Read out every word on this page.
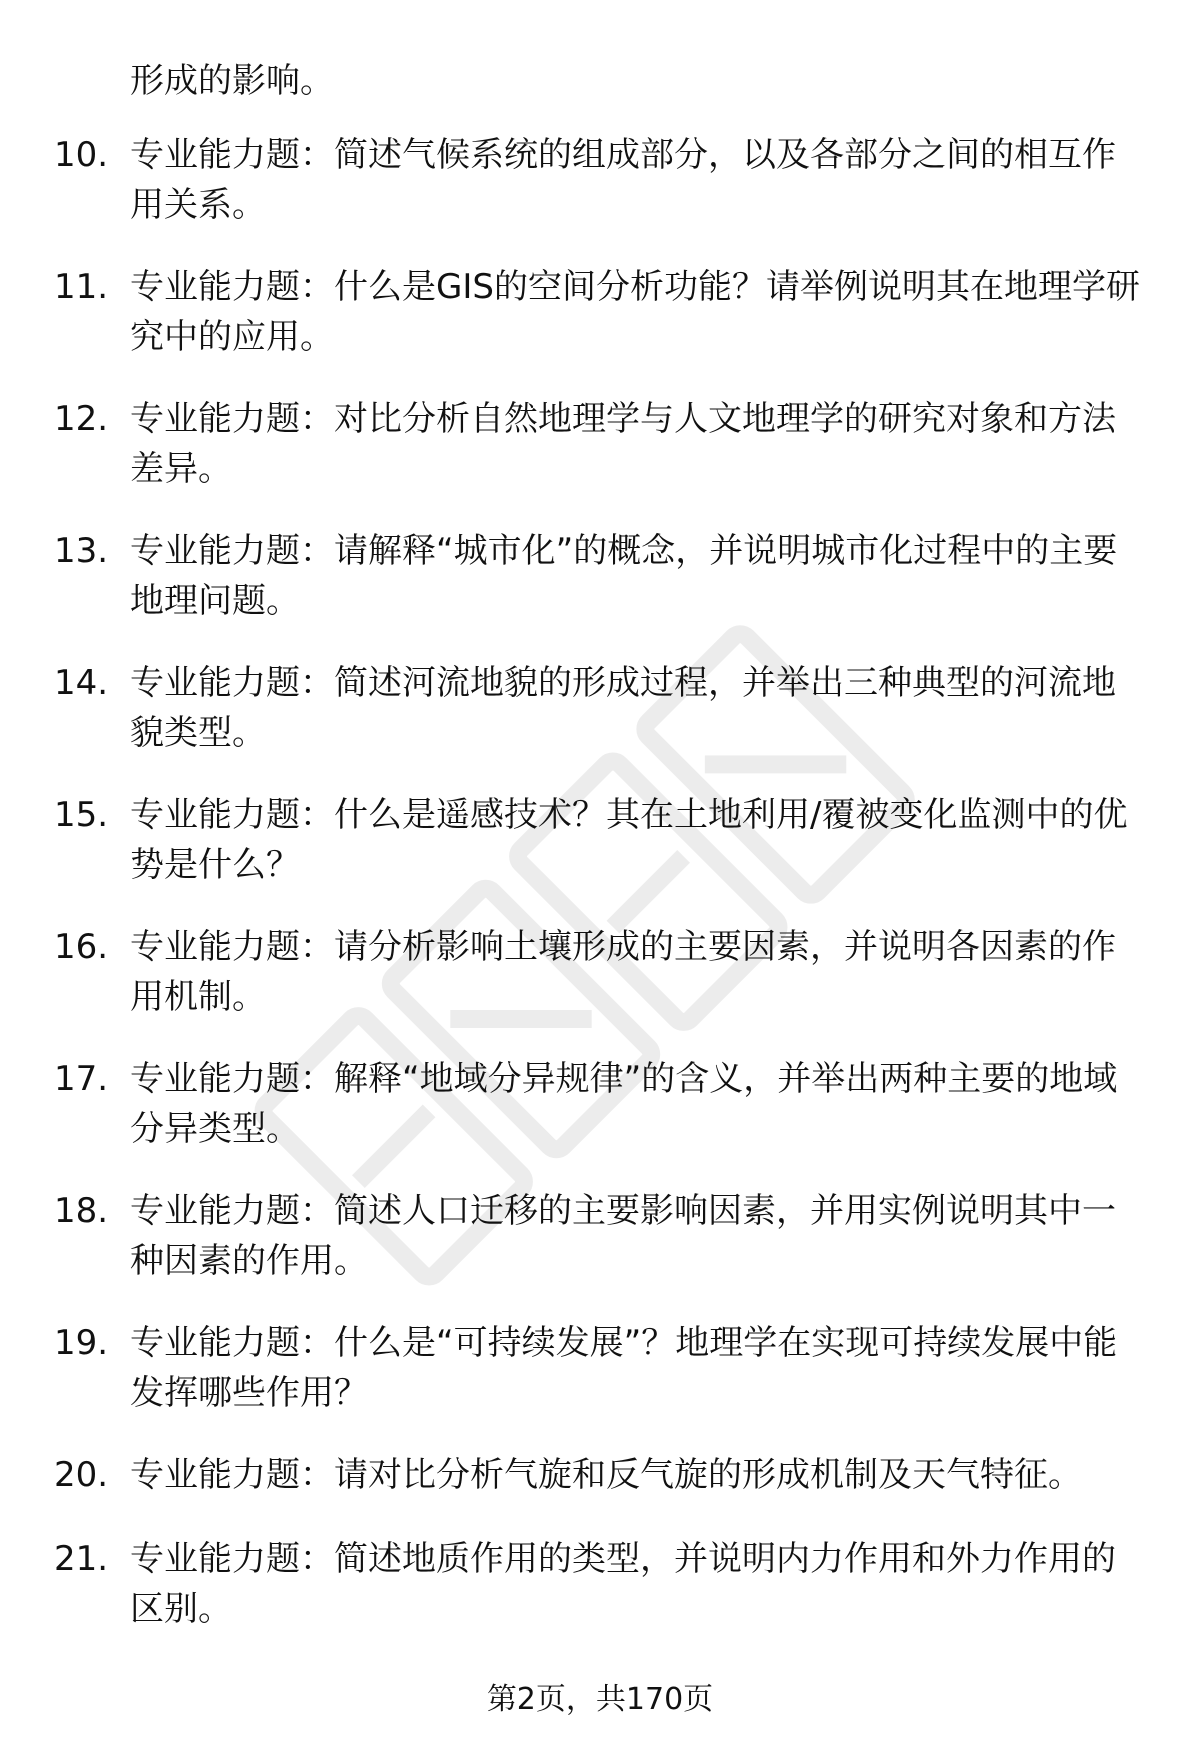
形成的影响。
10. 专业能力题：简述气候系统的组成部分，以及各部分之间的相互作用关系。
11. 专业能力题：什么是GIS的空间分析功能？请举例说明其在地理学研究中的应用。
12. 专业能力题：对比分析自然地理学与人文地理学的研究对象和方法差异。
13. 专业能力题：请解释“城市化”的概念，并说明城市化过程中的主要地理问题。
14. 专业能力题：简述河流地貌的形成过程，并举出三种典型的河流地貌类型。
15. 专业能力题：什么是遥感技术？其在土地利用/覆被变化监测中的优势是什么？
16. 专业能力题：请分析影响土壤形成的主要因素，并说明各因素的作用机制。
17. 专业能力题：解释“地域分异规律”的含义，并举出两种主要的地域分异类型。
18. 专业能力题：简述人口迁移的主要影响因素，并用实例说明其中一种因素的作用。
19. 专业能力题：什么是“可持续发展”？地理学在实现可持续发展中能发挥哪些作用？
20. 专业能力题：请对比分析气旋和反气旋的形成机制及天气特征。
21. 专业能力题：简述地质作用的类型，并说明内力作用和外力作用的区别。
第2页，共170页
